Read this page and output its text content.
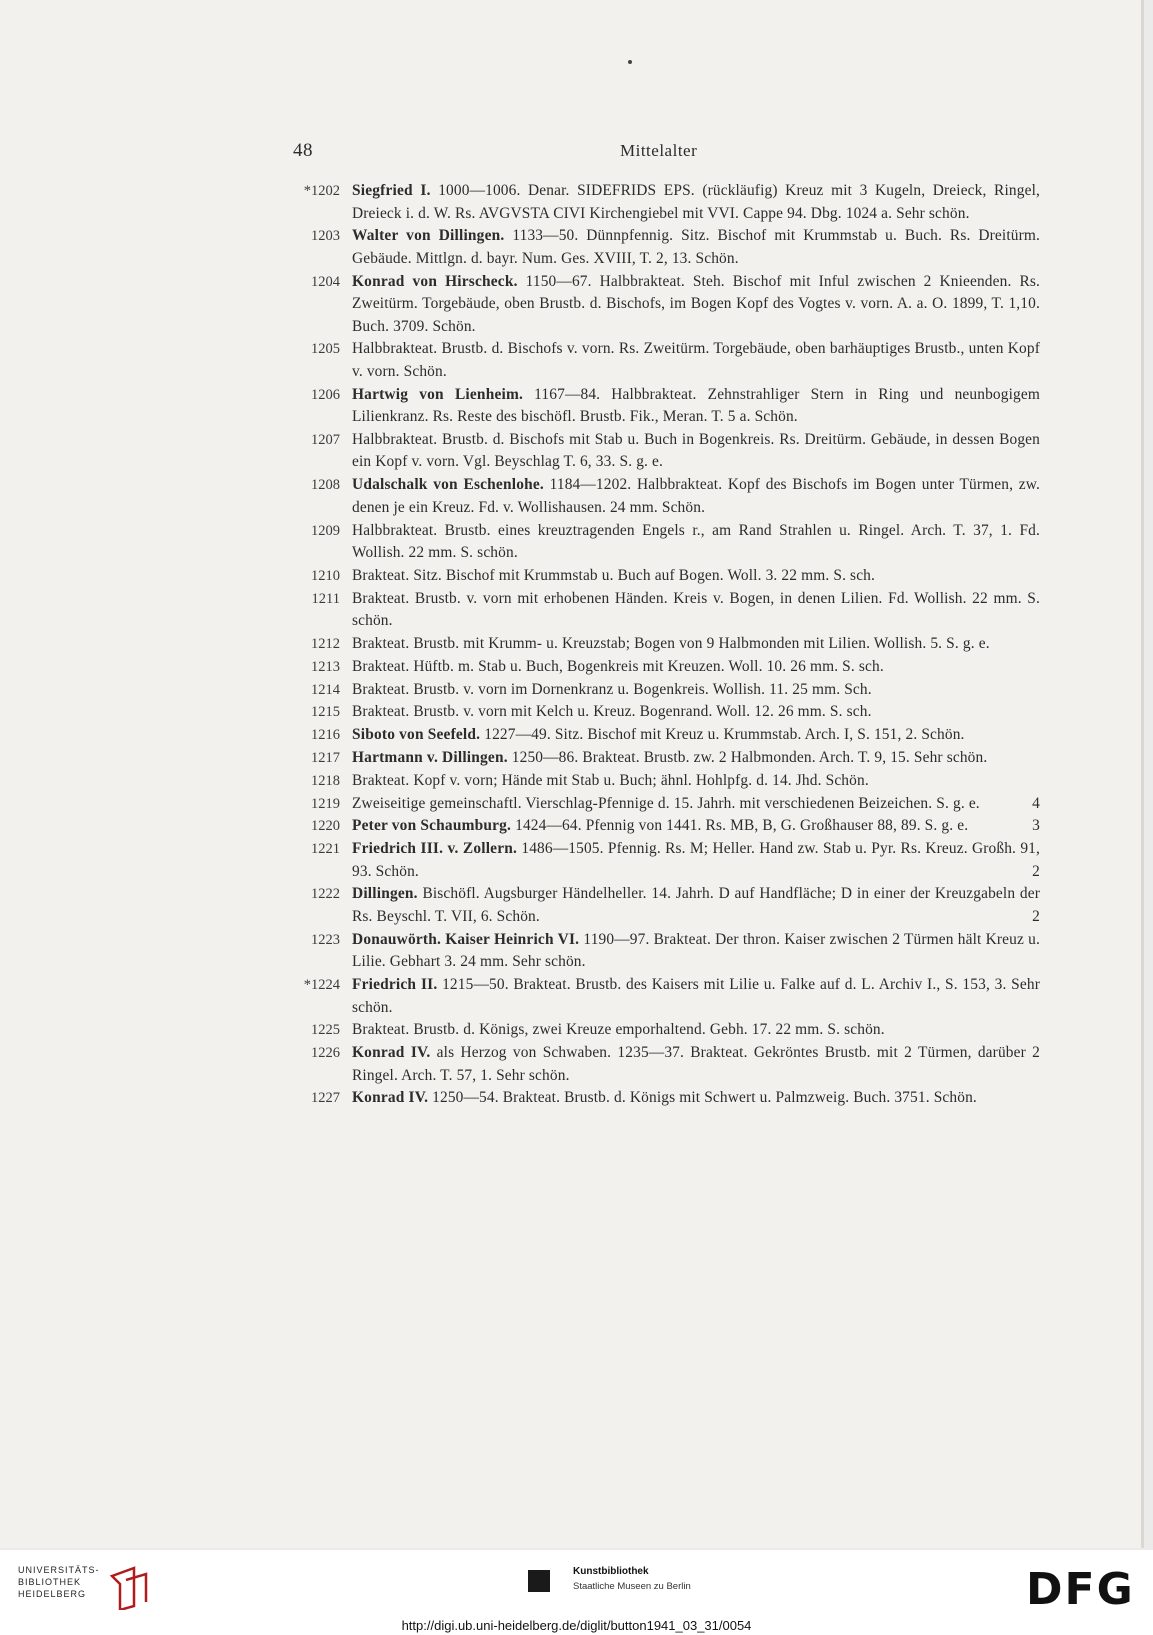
48	Mittelalter
*1202 Siegfried I. 1000—1006. Denar. SIDEFRIDS EPS. (rückläufig) Kreuz mit 3 Kugeln, Dreieck, Ringel, Dreieck i. d. W. Rs. AVGVSTA CIVI Kirchengiebel mit VVI. Cappe 94. Dbg. 1024 a. Sehr schön.
1203 Walter von Dillingen. 1133—50. Dünnpfennig. Sitz. Bischof mit Krummstab u. Buch. Rs. Dreitürm. Gebäude. Mittlgn. d. bayr. Num. Ges. XVIII, T. 2, 13. Schön.
1204 Konrad von Hirscheck. 1150—67. Halbbrakteat. Steh. Bischof mit Inful zwischen 2 Knieenden. Rs. Zweitürm. Torgebäude, oben Brustb. d. Bischofs, im Bogen Kopf des Vogtes v. vorn. A. a. O. 1899, T. 1,10. Buch. 3709. Schön.
1205 Halbbrakteat. Brustb. d. Bischofs v. vorn. Rs. Zweitürm. Torgebäude, oben barhäuptiges Brustb., unten Kopf v. vorn. Schön.
1206 Hartwig von Lienheim. 1167—84. Halbbrakteat. Zehnstrahliger Stern in Ring und neunbogigem Lilienkranz. Rs. Reste des bischöfl. Brustb. Fik., Meran. T. 5 a. Schön.
1207 Halbbrakteat. Brustb. d. Bischofs mit Stab u. Buch in Bogenkreis. Rs. Dreitürm. Gebäude, in dessen Bogen ein Kopf v. vorn. Vgl. Beyschlag T. 6, 33. S. g. e.
1208 Udalschalk von Eschenlohe. 1184—1202. Halbbrakteat. Kopf des Bischofs im Bogen unter Türmen, zw. denen je ein Kreuz. Fd. v. Wollishausen. 24 mm. Schön.
1209 Halbbrakteat. Brustb. eines kreuztragenden Engels r., am Rand Strahlen u. Ringel. Arch. T. 37, 1. Fd. Wollish. 22 mm. S. schön.
1210 Brakteat. Sitz. Bischof mit Krummstab u. Buch auf Bogen. Woll. 3. 22 mm. S. sch.
1211 Brakteat. Brustb. v. vorn mit erhobenen Händen. Kreis v. Bogen, in denen Lilien. Fd. Wollish. 22 mm. S. schön.
1212 Brakteat. Brustb. mit Krumm- u. Kreuzstab; Bogen von 9 Halbmonden mit Lilien. Wollish. 5. S. g. e.
1213 Brakteat. Hüftb. m. Stab u. Buch, Bogenkreis mit Kreuzen. Woll. 10. 26 mm. S. sch.
1214 Brakteat. Brustb. v. vorn im Dornenkranz u. Bogenkreis. Wollish. 11. 25 mm. Sch.
1215 Brakteat. Brustb. v. vorn mit Kelch u. Kreuz. Bogenrand. Woll. 12. 26 mm. S. sch.
1216 Siboto von Seefeld. 1227—49. Sitz. Bischof mit Kreuz u. Krummstab. Arch. I, S. 151, 2. Schön.
1217 Hartmann v. Dillingen. 1250—86. Brakteat. Brustb. zw. 2 Halbmonden. Arch. T. 9, 15. Sehr schön.
1218 Brakteat. Kopf v. vorn; Hände mit Stab u. Buch; ähnl. Hohlpfg. d. 14. Jhd. Schön.
1219 Zweiseitige gemeinschaftl. Vierschlag-Pfennige d. 15. Jahrh. mit verschiedenen Beizeichen. S. g. e.	4
1220 Peter von Schaumburg. 1424—64. Pfennig von 1441. Rs. MB, B, G. Großhauser 88, 89. S. g. e.	3
1221 Friedrich III. v. Zollern. 1486—1505. Pfennig. Rs. M; Heller. Hand zw. Stab u. Pyr. Rs. Kreuz. Großh. 91, 93. Schön.	2
1222 Dillingen. Bischöfl. Augsburger Händelheller. 14. Jahrh. D auf Handfläche; D in einer der Kreuzgabeln der Rs. Beyschl. T. VII, 6. Schön.	2
1223 Donauwörth. Kaiser Heinrich VI. 1190—97. Brakteat. Der thron. Kaiser zwischen 2 Türmen hält Kreuz u. Lilie. Gebhart 3. 24 mm. Sehr schön.
*1224 Friedrich II. 1215—50. Brakteat. Brustb. des Kaisers mit Lilie u. Falke auf d. L. Archiv I., S. 153, 3. Sehr schön.
1225 Brakteat. Brustb. d. Königs, zwei Kreuze emporhaltend. Gebh. 17. 22 mm. S. schön.
1226 Konrad IV. als Herzog von Schwaben. 1235—37. Brakteat. Gekröntes Brustb. mit 2 Türmen, darüber 2 Ringel. Arch. T. 57, 1. Sehr schön.
1227 Konrad IV. 1250—54. Brakteat. Brustb. d. Königs mit Schwert u. Palmzweig. Buch. 3751. Schön.
UNIVERSITÄTS-
BIBLIOTHEK
HEIDELBERG
Kunstbibliothek
Staatliche Museen zu Berlin	DFG
http://digi.ub.uni-heidelberg.de/diglit/button1941_03_31/0054
